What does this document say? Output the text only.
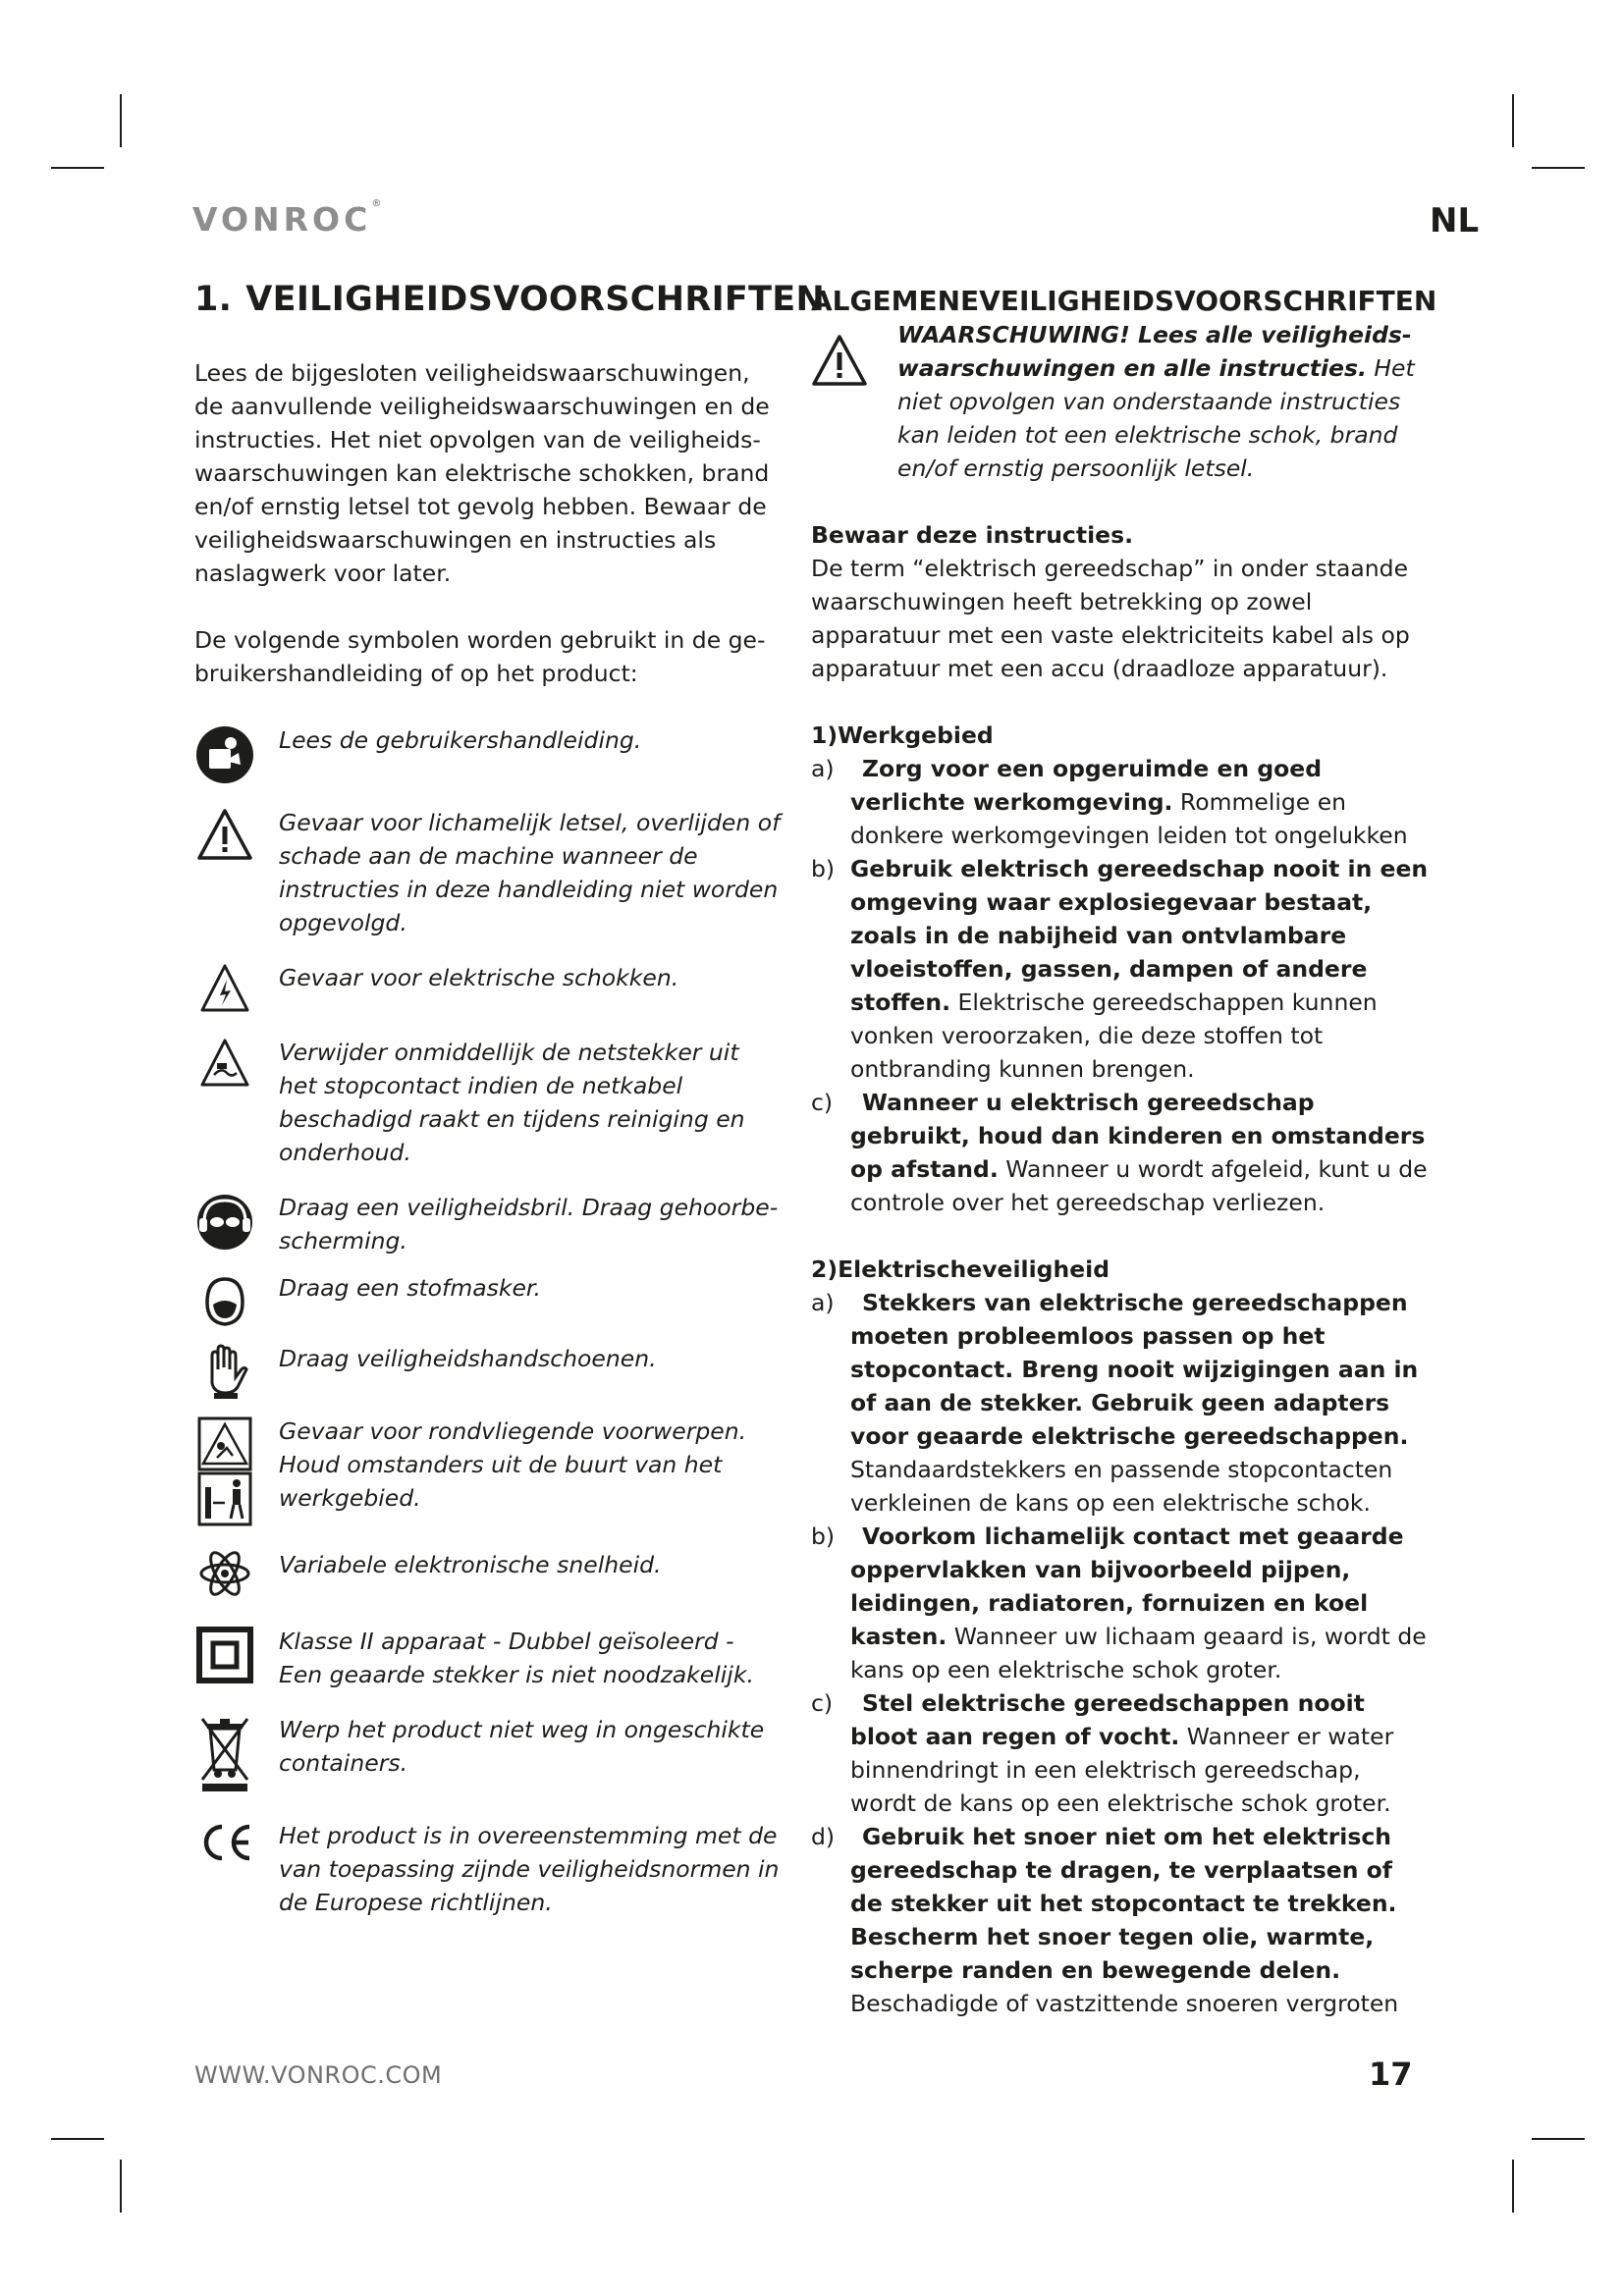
VONROC®	NL
1. VEILIGHEIDSVOORSCHRIFTEN

Lees de bijgesloten veiligheidswaarschuwingen, de aanvullende veiligheidswaarschuwingen en de instructies. Het niet opvolgen van de veiligheids-waarschuwingen kan elektrische schokken, brand en/of ernstig letsel tot gevolg hebben. Bewaar de veiligheidswaarschuwingen en instructies als naslagwerk voor later.

De volgende symbolen worden gebruikt in de ge-bruikershandleiding of op het product:

Lees de gebruikershandleiding.
Gevaar voor lichamelijk letsel, overlijden of schade aan de machine wanneer de instructies in deze handleiding niet worden opgevolgd.
Gevaar voor elektrische schokken.
Verwijder onmiddellijk de netstekker uit het stopcontact indien de netkabel beschadigd raakt en tijdens reiniging en onderhoud.
Draag een veiligheidsbril. Draag gehoorbe-scherming.
Draag een stofmasker.
Draag veiligheidshandschoenen.
Gevaar voor rondvliegende voorwerpen. Houd omstanders uit de buurt van het werkgebied.
Variabele elektronische snelheid.
Klasse II apparaat - Dubbel geïsoleerd - Een geaarde stekker is niet noodzakelijk.
Werp het product niet weg in ongeschikte containers.
Het product is in overeenstemming met de van toepassing zijnde veiligheidsnormen in de Europese richtlijnen.
ALGEMENEVEILIGHEIDSVOORSCHRIFTEN
WAARSCHUWING! Lees alle veiligheids-waarschuwingen en alle instructies. Het niet opvolgen van onderstaande instructies kan leiden tot een elektrische schok, brand en/of ernstig persoonlijk letsel.

Bewaar deze instructies.

De term “elektrisch gereedschap” in onder staande waarschuwingen heeft betrekking op zowel apparatuur met een vaste elektriciteits kabel als op apparatuur met een accu (draadloze apparatuur).

1)Werkgebied

a)	Zorg voor een opgeruimde en goed verlichte werkomgeving. Rommelige en donkere werkomgevingen leiden tot ongelukken
b) Gebruik elektrisch gereedschap nooit in een omgeving waar explosiegevaar bestaat, zoals in de nabijheid van ontvlambare vloeistoffen, gassen, dampen of andere stoffen. Elektrische gereedschappen kunnen vonken veroorzaken, die deze stoffen tot ontbranding kunnen brengen.
c)	Wanneer u elektrisch gereedschap gebruikt, houd dan kinderen en omstanders op afstand. Wanneer u wordt afgeleid, kunt u de controle over het gereedschap verliezen.

2)Elektrischeveiligheid

a)	Stekkers van elektrische gereedschappen moeten probleemloos passen op het stopcontact. Breng nooit wijzigingen aan in of aan de stekker. Gebruik geen adapters voor geaarde elektrische gereedschappen. Standaardstekkers en passende stopcontacten verkleinen de kans op een elektrische schok.
b)	Voorkom lichamelijk contact met geaarde oppervlakken van bijvoorbeeld pijpen, leidingen, radiatoren, fornuizen en koel kasten. Wanneer uw lichaam geaard is, wordt de kans op een elektrische schok groter.
c)	Stel elektrische gereedschappen nooit bloot aan regen of vocht. Wanneer er water binnendringt in een elektrisch gereedschap, wordt de kans op een elektrische schok groter.
d)	Gebruik het snoer niet om het elektrisch gereedschap te dragen, te verplaatsen of de stekker uit het stopcontact te trekken. Bescherm het snoer tegen olie, warmte, scherpe randen en bewegende delen. Beschadigde of vastzittende snoeren vergroten
WWW.VONROC.COM	17
